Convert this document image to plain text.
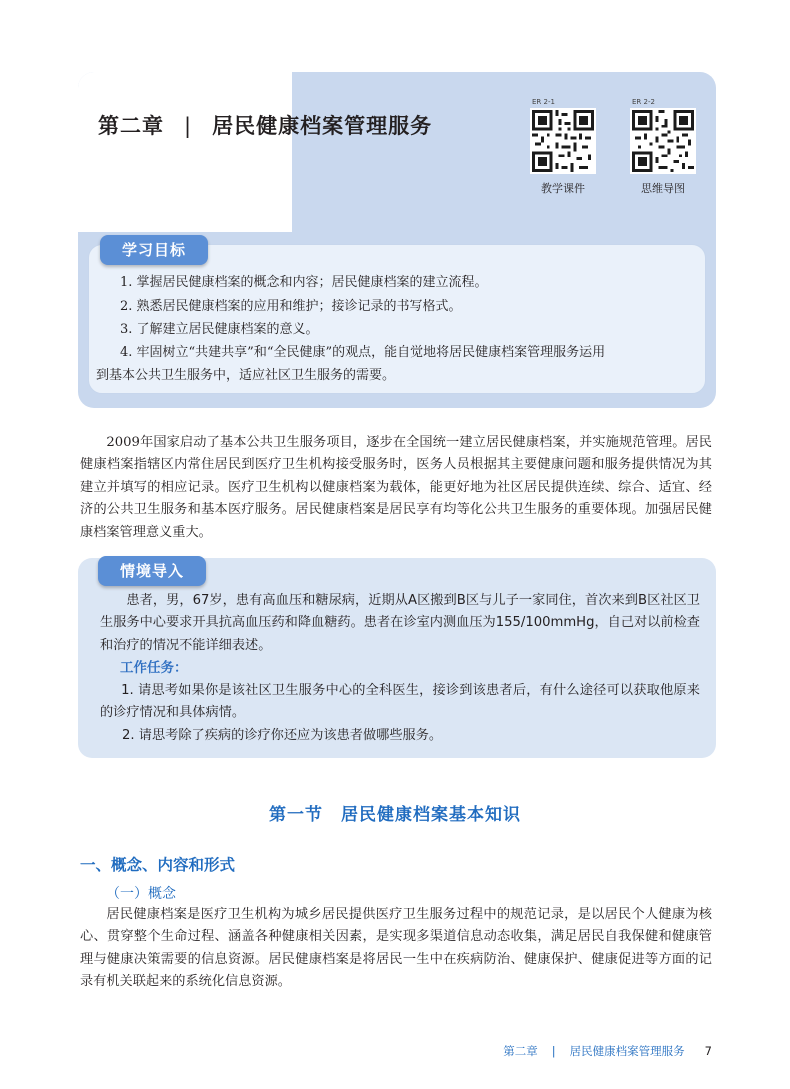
第二章 | 居民健康档案管理服务
ER 2-1
教学课件
ER 2-2
思维导图
学习目标
1. 掌握居民健康档案的概念和内容；居民健康档案的建立流程。
2. 熟悉居民健康档案的应用和维护；接诊记录的书写格式。
3. 了解建立居民健康档案的意义。
4. 牢固树立“共建共享”和“全民健康”的观点，能自觉地将居民健康档案管理服务运用
到基本公共卫生服务中，适应社区卫生服务的需要。
2009年国家启动了基本公共卫生服务项目，逐步在全国统一建立居民健康档案，并实施规范管理。居民健康档案指辖区内常住居民到医疗卫生机构接受服务时，医务人员根据其主要健康问题和服务提供情况为其建立并填写的相应记录。医疗卫生机构以健康档案为载体，能更好地为社区居民提供连续、综合、适宜、经济的公共卫生服务和基本医疗服务。居民健康档案是居民享有均等化公共卫生服务的重要体现。加强居民健康档案管理意义重大。
情境导入
患者，男，67岁，患有高血压和糖尿病，近期从A区搬到B区与儿子一家同住，首次来到B区社区卫生服务中心要求开具抗高血压药和降血糖药。患者在诊室内测血压为155/100mmHg，自己对以前检查和治疗的情况不能详细表述。
工作任务：
1. 请思考如果你是该社区卫生服务中心的全科医生，接诊到该患者后，有什么途径可以获取他原来的诊疗情况和具体病情。
2. 请思考除了疾病的诊疗你还应为该患者做哪些服务。
第一节 居民健康档案基本知识
一、概念、内容和形式
（一）概念
居民健康档案是医疗卫生机构为城乡居民提供医疗卫生服务过程中的规范记录，是以居民个人健康为核心、贯穿整个生命过程、涵盖各种健康相关因素，是实现多渠道信息动态收集，满足居民自我保健和健康管理与健康决策需要的信息资源。居民健康档案是将居民一生中在疾病防治、健康保护、健康促进等方面的记录有机关联起来的系统化信息资源。
第二章 | 居民健康档案管理服务 7
